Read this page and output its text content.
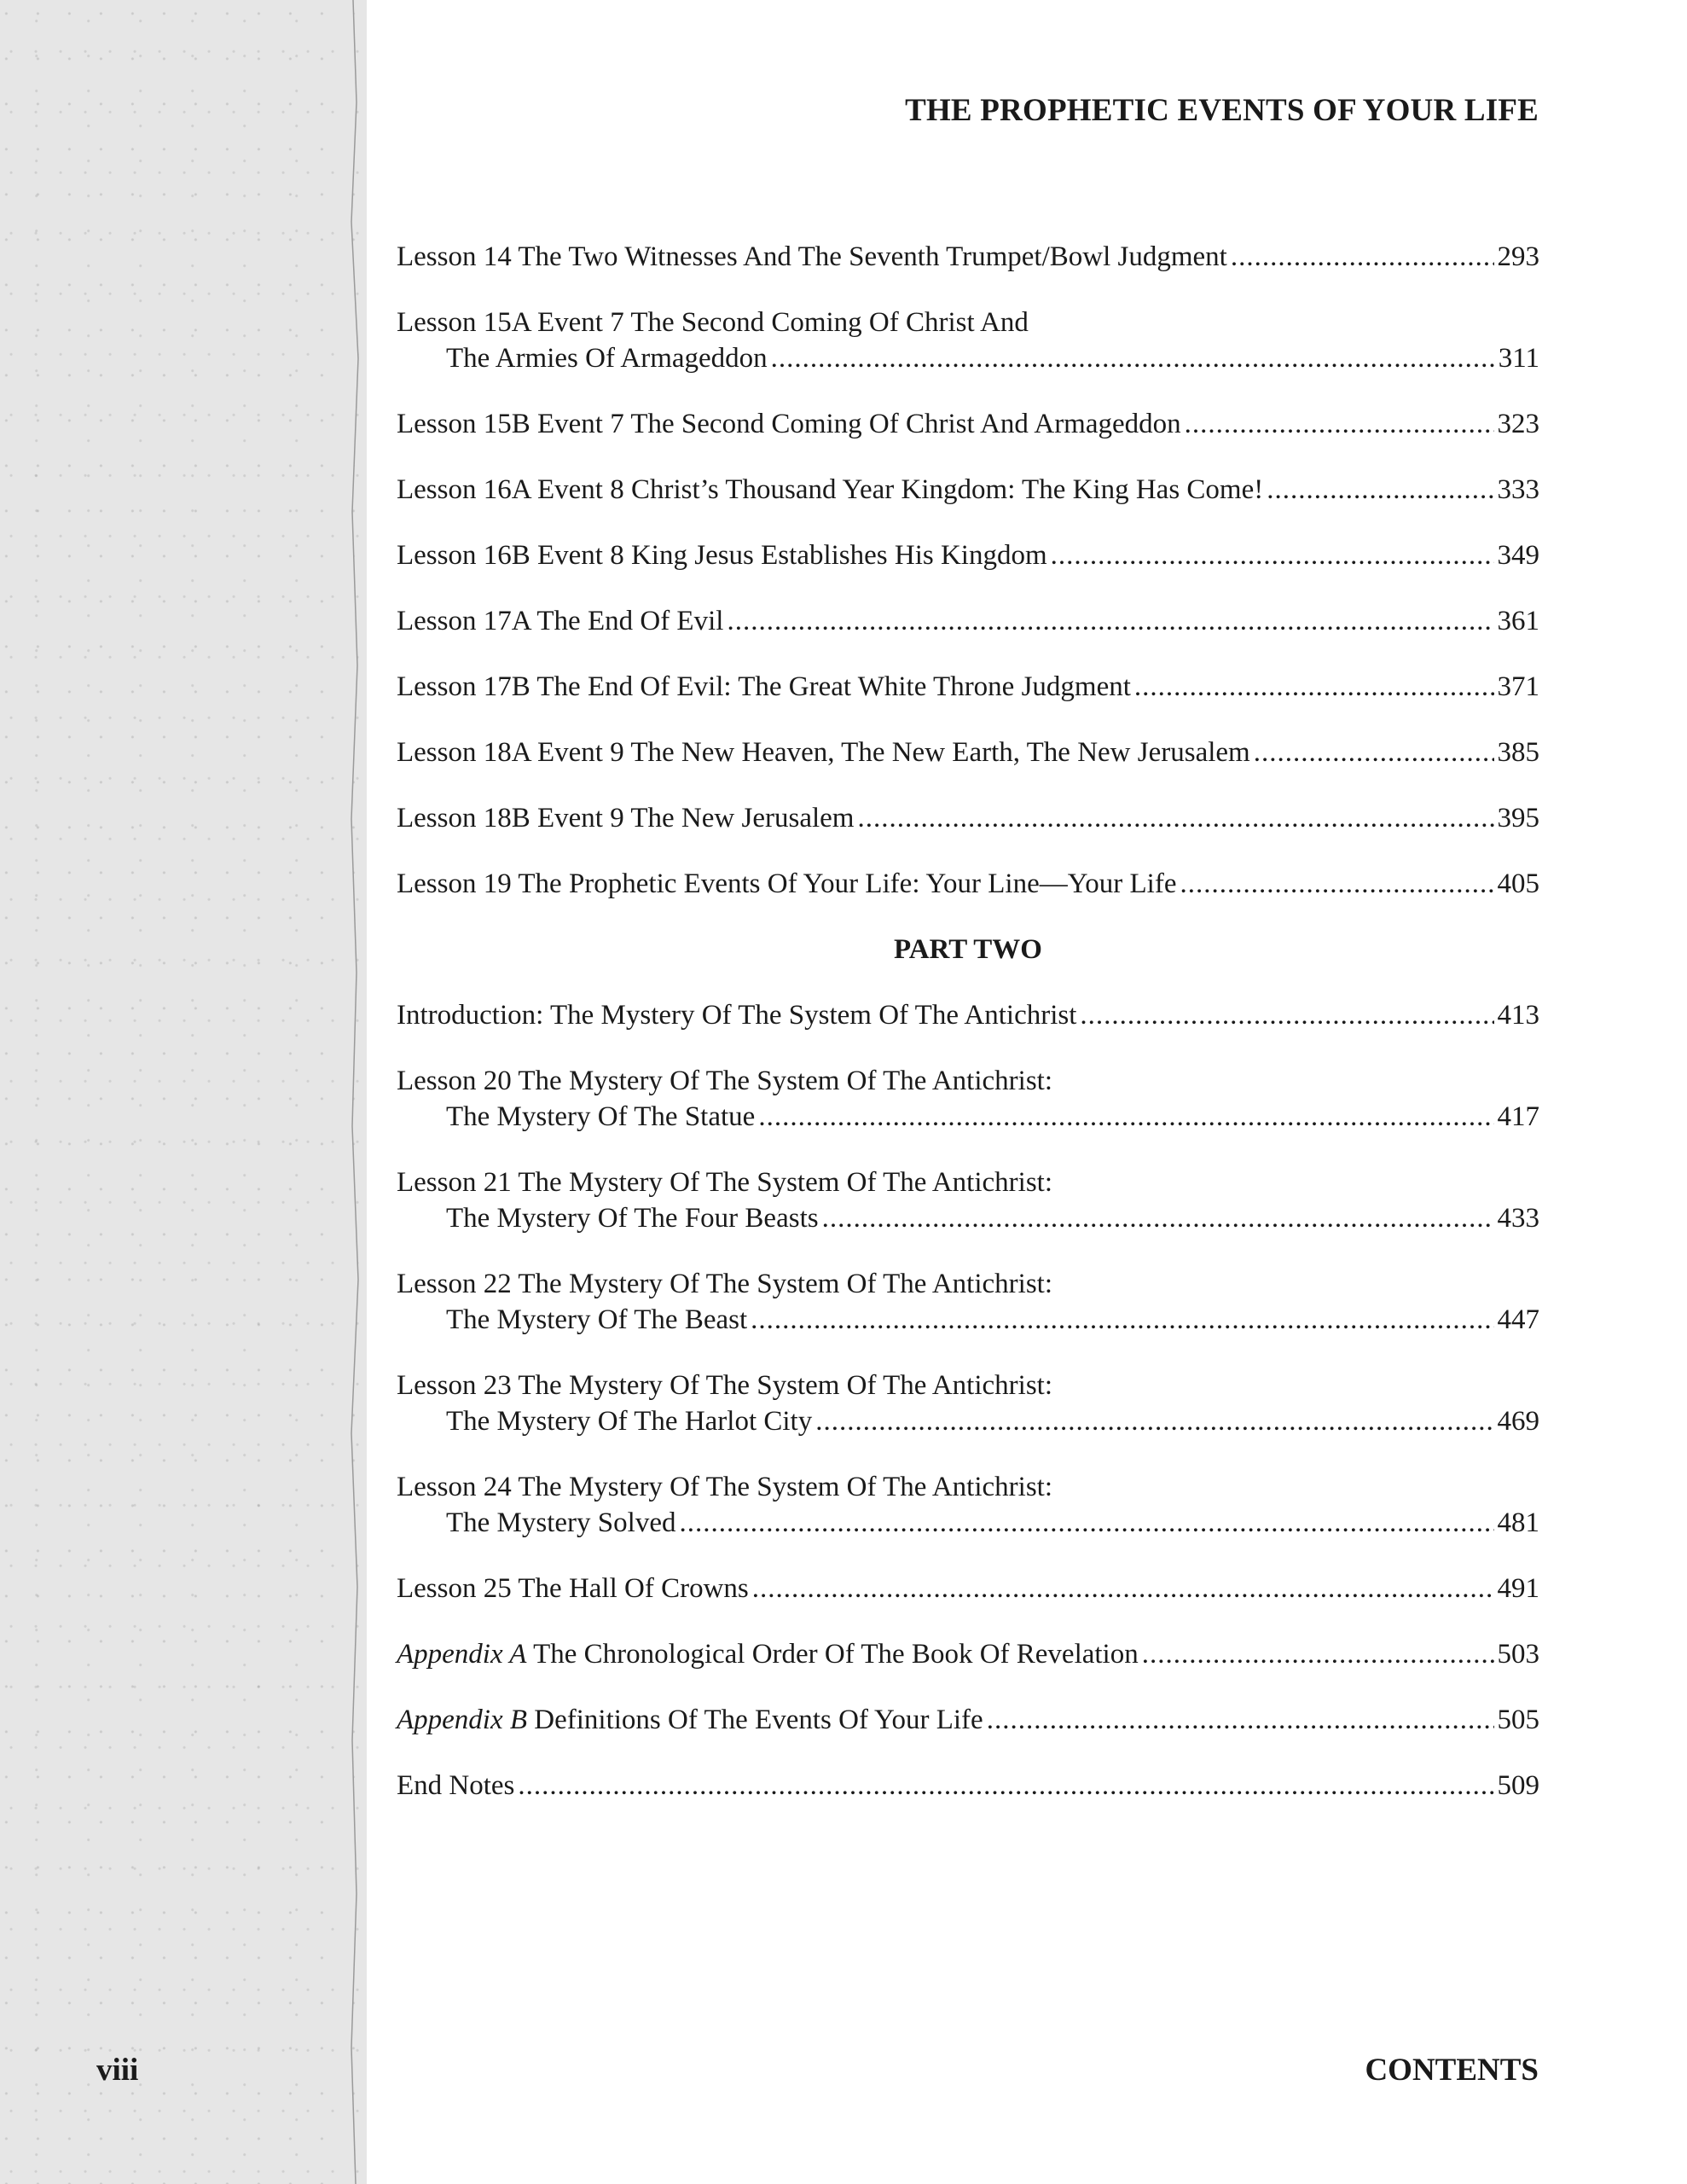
THE PROPHETIC EVENTS OF YOUR LIFE
Lesson 14 The Two Witnesses And The Seventh Trumpet/Bowl Judgment .....	293
Lesson 15A Event 7 The Second Coming Of Christ And
The Armies Of Armageddon .....	311
Lesson 15B Event 7 The Second Coming Of Christ And Armageddon .....	323
Lesson 16A Event 8 Christ’s Thousand Year Kingdom: The King Has Come! .....	333
Lesson 16B Event 8 King Jesus Establishes His Kingdom .....	349
Lesson 17A The End Of Evil .....	361
Lesson 17B The End Of Evil: The Great White Throne Judgment .....	371
Lesson 18A Event 9 The New Heaven, The New Earth, The New Jerusalem .....	385
Lesson 18B Event 9 The New Jerusalem .....	395
Lesson 19 The Prophetic Events Of Your Life: Your Line—Your Life .....	405
PART TWO
Introduction: The Mystery Of The System Of The Antichrist .....	413
Lesson 20 The Mystery Of The System Of The Antichrist:
The Mystery Of The Statue .....	417
Lesson 21 The Mystery Of The System Of The Antichrist:
The Mystery Of The Four Beasts .....	433
Lesson 22 The Mystery Of The System Of The Antichrist:
The Mystery Of The Beast .....	447
Lesson 23 The Mystery Of The System Of The Antichrist:
The Mystery Of The Harlot City .....	469
Lesson 24 The Mystery Of The System Of The Antichrist:
The Mystery Solved .....	481
Lesson 25 The Hall Of Crowns .....	491
Appendix A The Chronological Order Of The Book Of Revelation .....	503
Appendix B Definitions Of The Events Of Your Life .....	505
End Notes .....	509
viii	CONTENTS
